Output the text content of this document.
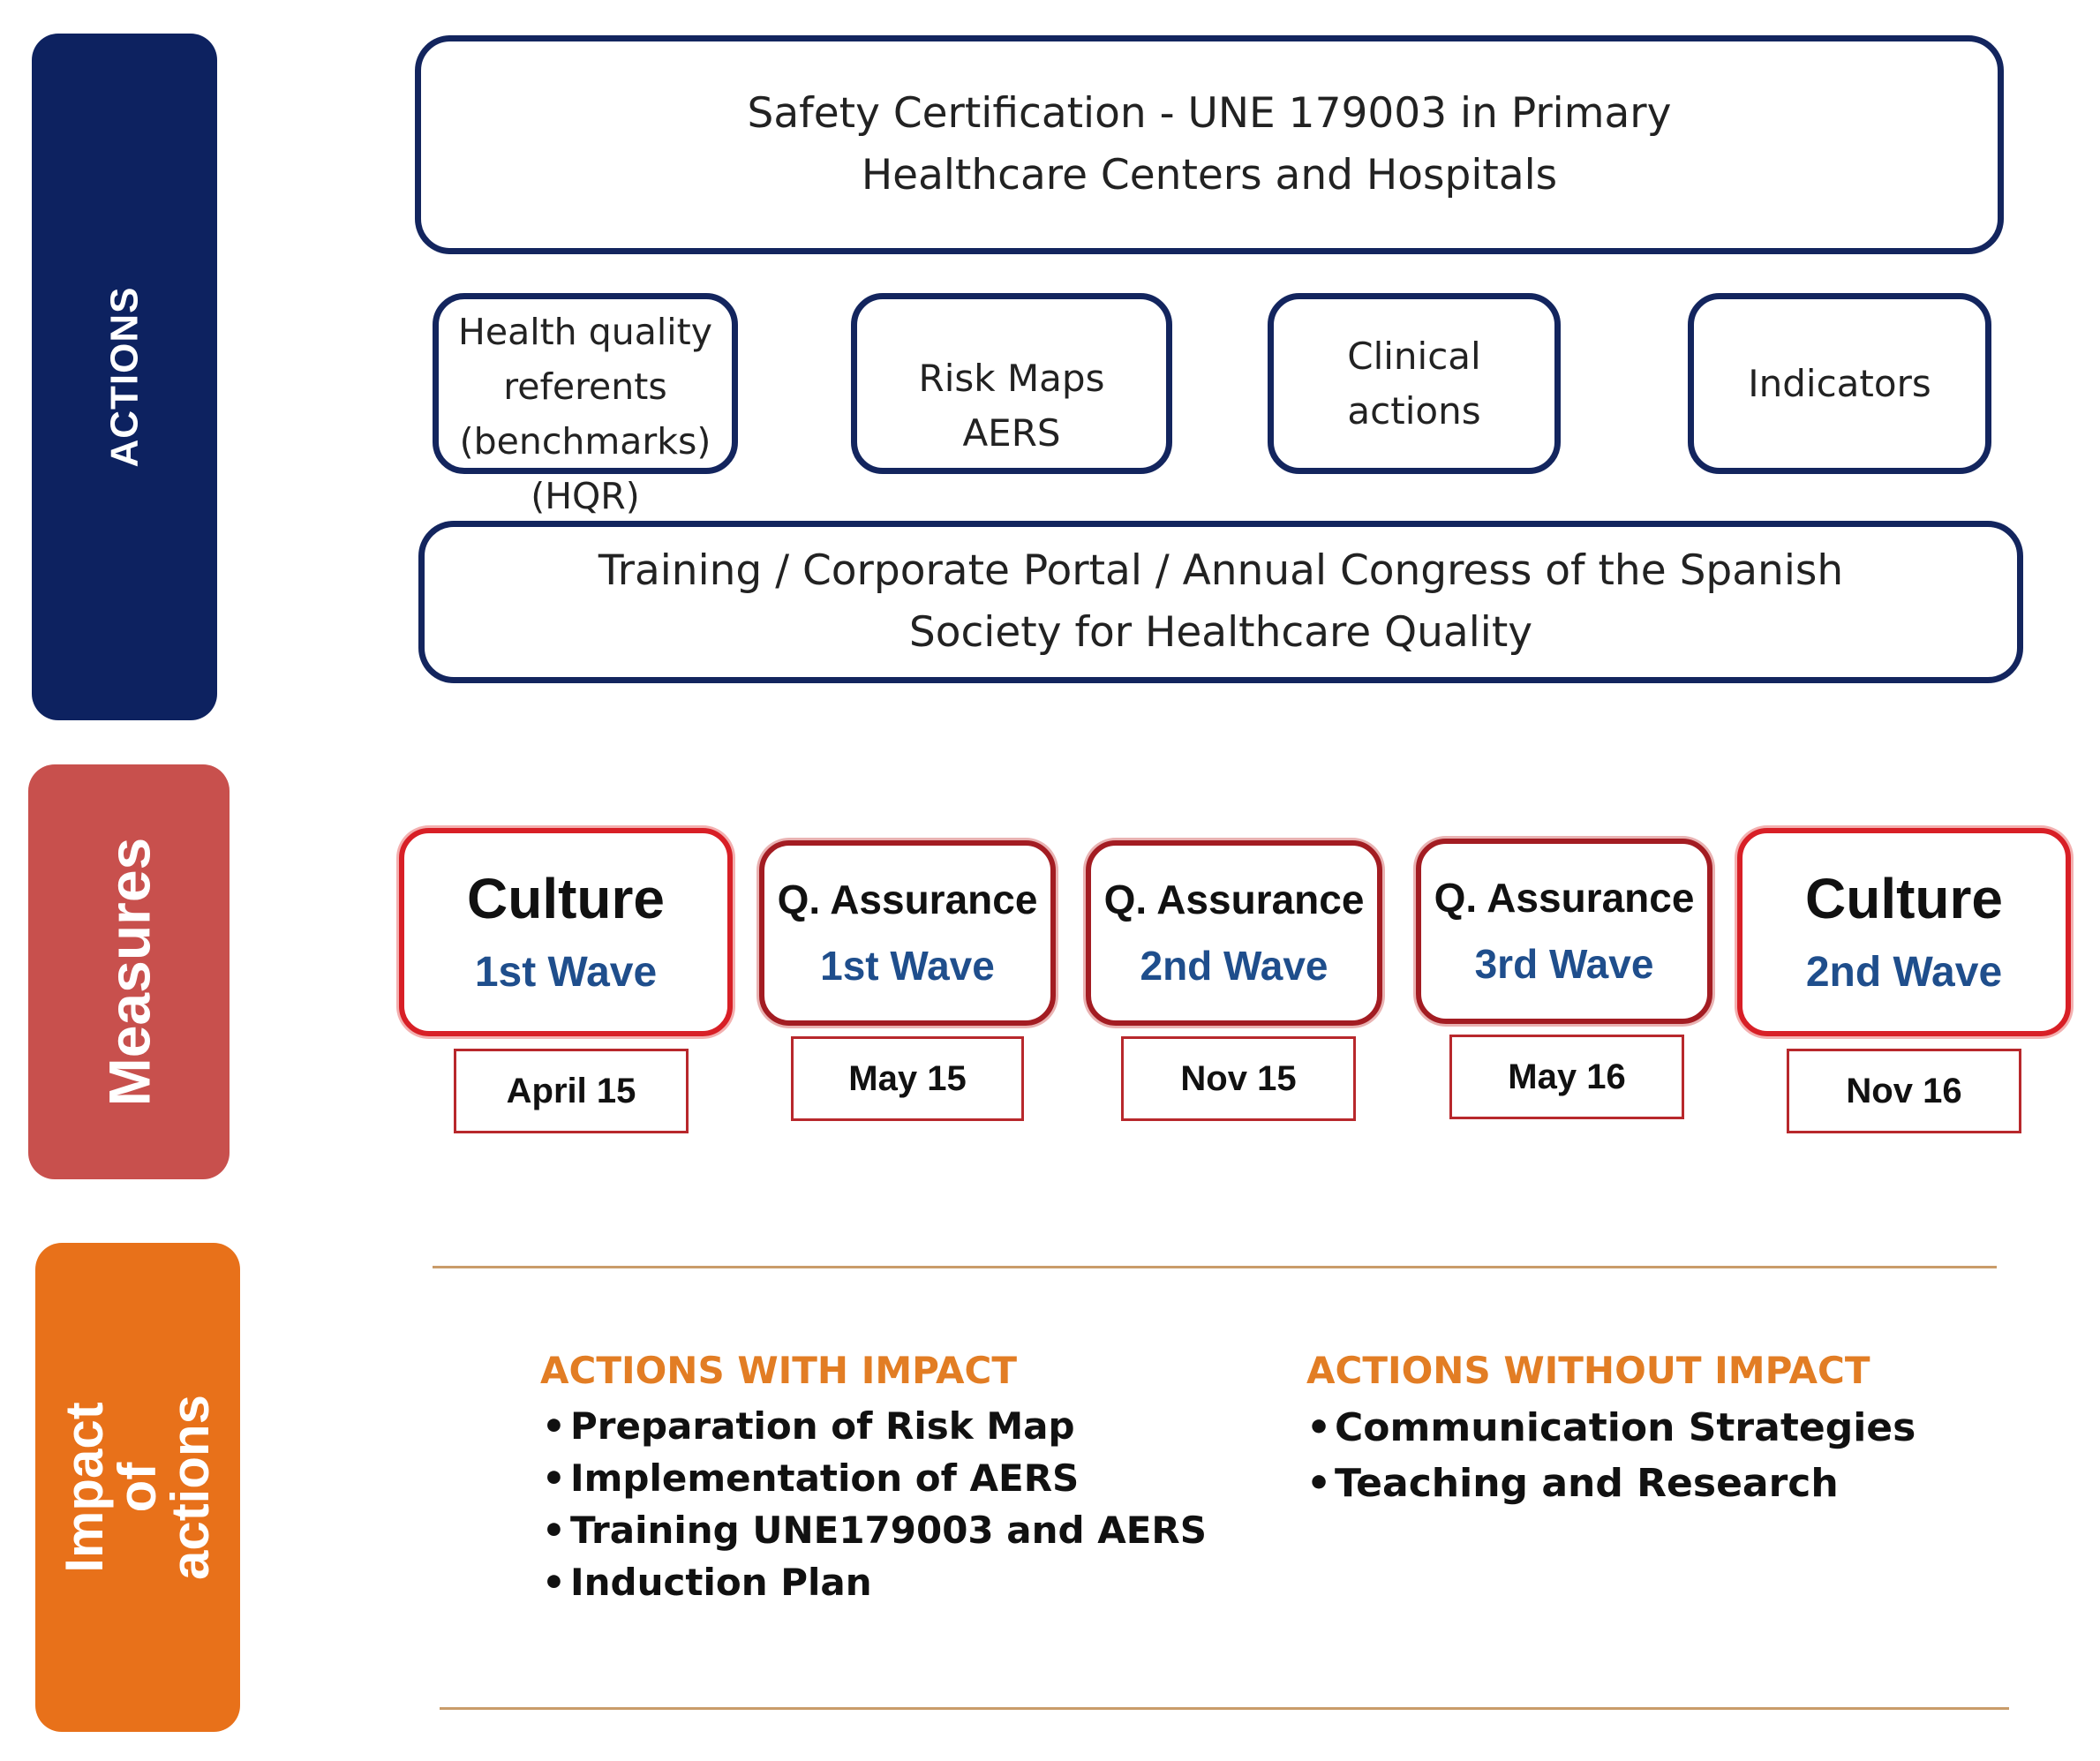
ACTIONS
Measures
Impact of actions
Safety Certification - UNE 179003 in Primary
Healthcare Centers and Hospitals
Health quality referents (benchmarks) (HQR)
Risk Maps
AERS
Clinical
actions
Indicators
Training / Corporate Portal / Annual Congress of the Spanish
Society for Healthcare Quality
Culture
1st Wave
Q. Assurance
1st Wave
Q. Assurance
2nd Wave
Q. Assurance
3rd Wave
Culture
2nd Wave
April 15	May 15	Nov 15	May 16	Nov 16
ACTIONS WITH IMPACT
• Preparation of Risk Map
• Implementation of AERS
• Training UNE179003 and AERS
• Induction Plan
ACTIONS WITHOUT IMPACT
• Communication Strategies
• Teaching and Research
